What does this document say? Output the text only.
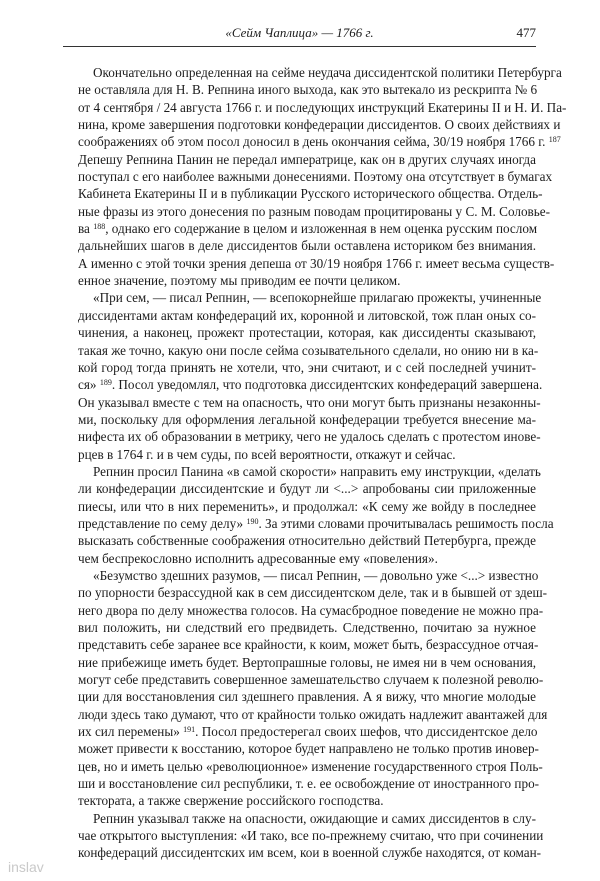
«Сейм Чаплица» — 1766 г.	477
Окончательно определенная на сейме неудача диссидентской политики Петербурга
не оставляла для Н. В. Репнина иного выхода, как это вытекало из рескрипта № 6
от 4 сентября / 24 августа 1766 г. и последующих инструкций Екатерины II и Н. И. Па-
нина, кроме завершения подготовки конфедерации диссидентов. О своих действиях и
соображениях об этом посол доносил в день окончания сейма, 30/19 ноября 1766 г. $^{187}$
Депешу Репнина Панин не передал императрице, как он в других случаях иногда
поступал с его наиболее важными донесениями. Поэтому она отсутствует в бумагах
Кабинета Екатерины II и в публикации Русского исторического общества. Отдель-
ные фразы из этого донесения по разным поводам процитированы у С. М. Соловье-
ва $^{188}$, однако его содержание в целом и изложенная в нем оценка русским послом
дальнейших шагов в деле диссидентов были оставлена историком без внимания.
А именно с этой точки зрения депеша от 30/19 ноября 1766 г. имеет весьма существ-
енное значение, поэтому мы приводим ее почти целиком.
«При сем, — писал Репнин, — всепокорнейше прилагаю прожекты, учиненные
диссидентами актам конфедераций их, коронной и литовской, тож план оных со-
чинения, а наконец, прожект протестации, которая, как диссиденты сказывают,
такая же точно, какую они после сейма созывательного сделали, но онию ни в ка-
кой город тогда принять не хотели, что, эни считают, и с сей последней учинит-
ся» $^{189}$. Посол уведомлял, что подготовка диссидентских конфедераций завершена.
Он указывал вместе с тем на опасность, что они могут быть признаны незаконны-
ми, поскольку для оформления легальной конфедерации требуется внесение ма-
нифеста их об образовании в метрику, чего не удалось сделать с протестом инове-
рцев в 1764 г. и в чем суды, по всей вероятности, откажут и сейчас.
Репнин просил Панина «в самой скорости» направить ему инструкции, «делать
ли конфедерации диссидентские и будут ли <...> апробованы сии приложенные
пиесы, или что в них переменить», и продолжал: «К сему же войду в последнее
представление по сему делу» $^{190}$. За этими словами прочитывалась решимость посла
высказать собственные соображения относительно действий Петербурга, прежде
чем беспрекословно исполнить адресованные ему «повеления».
«Безумство здешних разумов, — писал Репнин, — довольно уже <...> известно
по упорности безрассудной как в сем диссидентском деле, так и в бывшей от здеш-
него двора по делу множества голосов. На сумасбродное поведение не можно пра-
вил положить, ни следствий его предвидеть. Следственно, почитаю за нужное
представить себе заранее все крайности, к коим, может быть, безрассудное отчая-
ние прибежище иметь будет. Вертопрашные головы, не имея ни в чем основания,
могут себе представить совершенное замешательство случаем к полезной револю-
ции для восстановления сил здешнего правления. А я вижу, что многие молодые
люди здесь тако думают, что от крайности только ожидать надлежит авантажей для
их сил перемены» $^{191}$. Посол предостерегал своих шефов, что диссидентское дело
может привести к восстанию, которое будет направлено не только против иновер-
цев, но и иметь целью «революционное» изменение государственного строя Поль-
ши и восстановление сил республики, т. е. ее освобождение от иностранного про-
тектората, а также свержение российского господства.
Репнин указывал также на опасности, ожидающие и самих диссидентов в слу-
чае открытого выступления: «И тако, все по-прежнему считаю, что при сочинении
конфедераций диссидентских им всем, кои в военной службе находятся, от коман-
inslav
